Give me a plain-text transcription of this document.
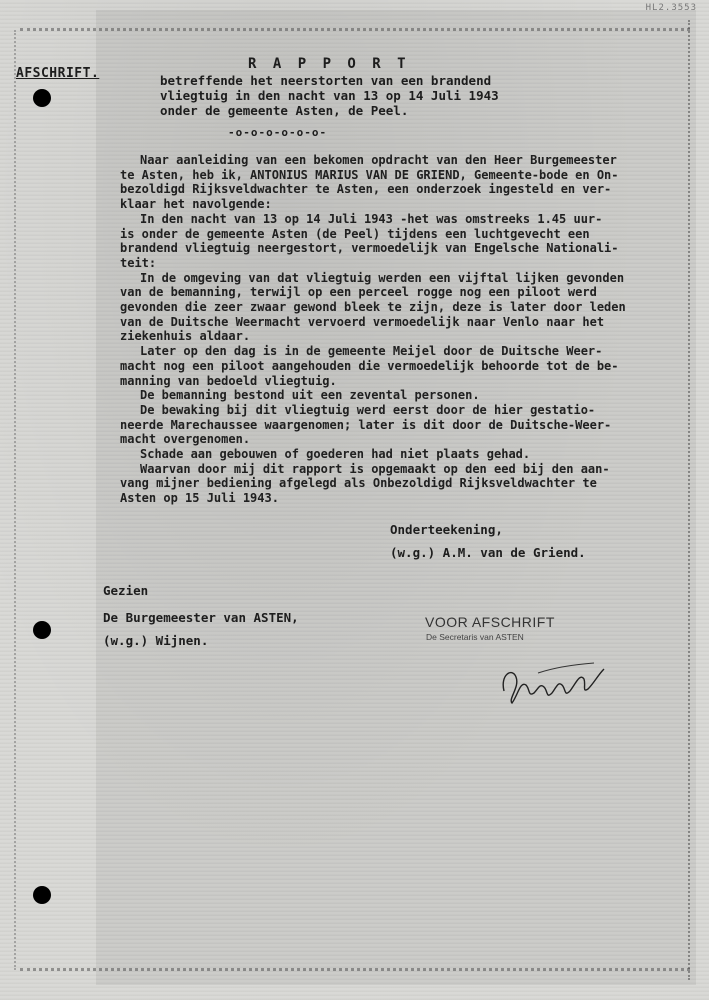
HL2.3553
AFSCHRIFT.
R A P P O R T
betreffende het neerstorten van een brandend
vliegtuig in den nacht van 13 op 14 Juli 1943
onder de gemeente Asten, de Peel.
-o-o-o-o-o-o-

Naar aanleiding van een bekomen opdracht van den Heer Burgemeester
te Asten, heb ik, ANTONIUS MARIUS VAN DE GRIEND, Gemeente-bode en On-
bezoldigd Rijksveldwachter te Asten, een onderzoek ingesteld en ver-
klaar het navolgende:

In den nacht van 13 op 14 Juli 1943 -het was omstreeks 1.45 uur-
is onder de gemeente Asten (de Peel) tijdens een luchtgevecht een
brandend vliegtuig neergestort, vermoedelijk van Engelsche Nationali-
teit:

In de omgeving van dat vliegtuig werden een vijftal lijken gevonden
van de bemanning, terwijl op een perceel rogge nog een piloot werd
gevonden die zeer zwaar gewond bleek te zijn, deze is later door leden
van de Duitsche Weermacht vervoerd vermoedelijk naar Venlo naar het
ziekenhuis aldaar.

Later op den dag is in de gemeente Meijel door de Duitsche Weer-
macht nog een piloot aangehouden die vermoedelijk behoorde tot de be-
manning van bedoeld vliegtuig.

De bemanning bestond uit een zevental personen.

De bewaking bij dit vliegtuig werd eerst door de hier gestatio-
neerde Marechaussee waargenomen; later is dit door de Duitsche-Weer-
macht overgenomen.

Schade aan gebouwen of goederen had niet plaats gehad.

Waarvan door mij dit rapport is opgemaakt op den eed bij den aan-
vang mijner bediening afgelegd als Onbezoldigd Rijksveldwachter te
Asten op 15 Juli 1943.

Onderteekening,
(w.g.) A.M. van de Griend.
Gezien
De Burgemeester van ASTEN,
(w.g.) Wijnen.
VOOR AFSCHRIFT
De Secretaris van ASTEN
